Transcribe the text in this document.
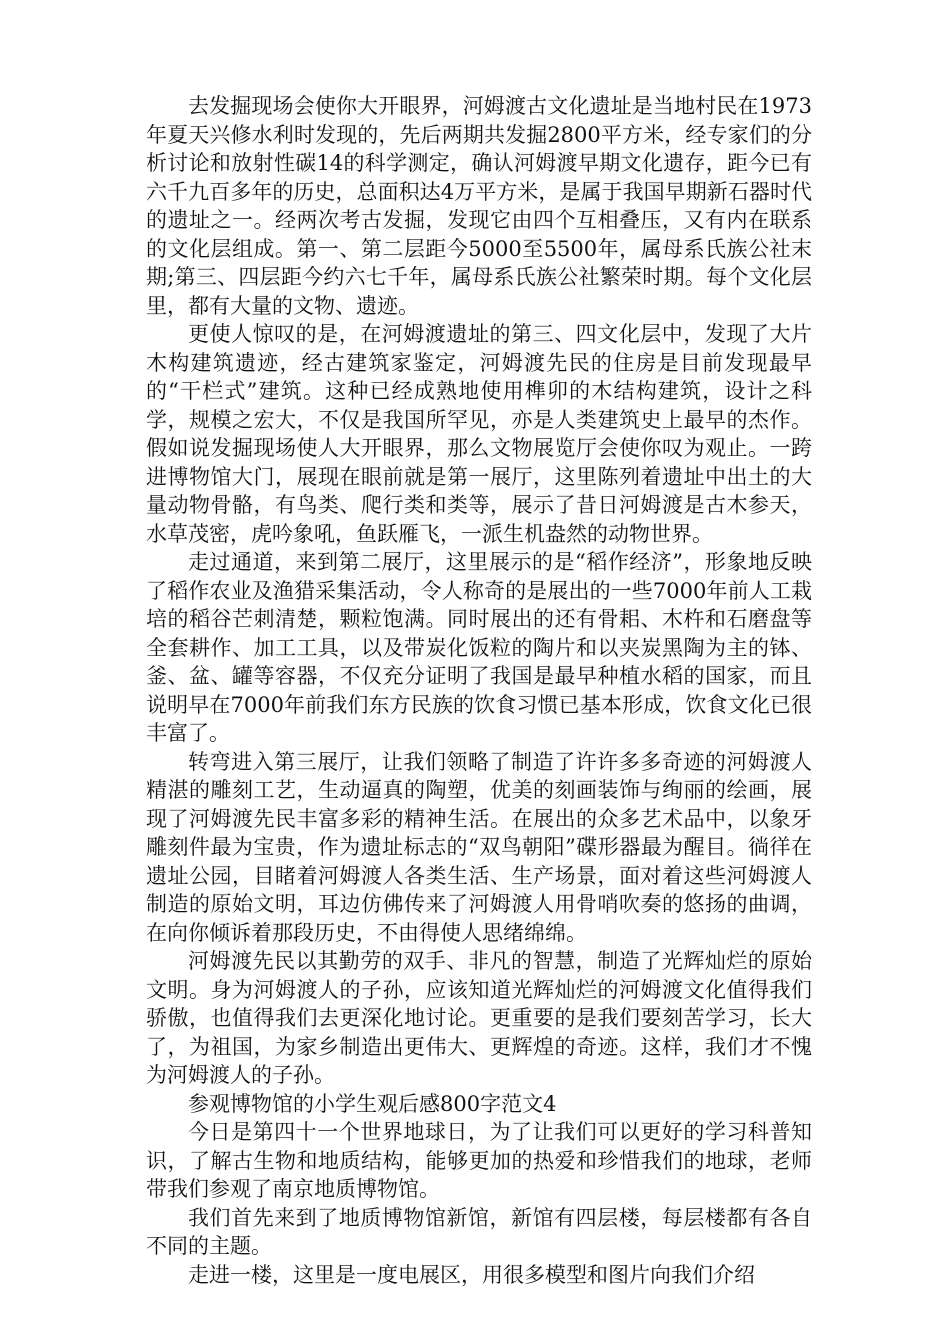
去发掘现场会使你大开眼界，河姆渡古文化遗址是当地村民在1973年夏天兴修水利时发现的，先后两期共发掘2800平方米，经专家们的分析讨论和放射性碳14的科学测定，确认河姆渡早期文化遗存，距今已有六千九百多年的历史，总面积达4万平方米，是属于我国早期新石器时代的遗址之一。经两次考古发掘，发现它由四个互相叠压，又有内在联系的文化层组成。第一、第二层距今5000至5500年，属母系氏族公社末期;第三、四层距今约六七千年，属母系氏族公社繁荣时期。每个文化层里，都有大量的文物、遗迹。

更使人惊叹的是，在河姆渡遗址的第三、四文化层中，发现了大片木构建筑遗迹，经古建筑家鉴定，河姆渡先民的住房是目前发现最早的“干栏式”建筑。这种已经成熟地使用榫卯的木结构建筑，设计之科学，规模之宏大，不仅是我国所罕见，亦是人类建筑史上最早的杰作。假如说发掘现场使人大开眼界，那么文物展览厅会使你叹为观止。一跨进博物馆大门，展现在眼前就是第一展厅，这里陈列着遗址中出土的大量动物骨骼，有鸟类、爬行类和类等，展示了昔日河姆渡是古木参天，水草茂密，虎吟象吼，鱼跃雁飞，一派生机盎然的动物世界。

走过通道，来到第二展厅，这里展示的是“稻作经济”，形象地反映了稻作农业及渔猎采集活动，令人称奇的是展出的一些7000年前人工栽培的稻谷芒刺清楚，颗粒饱满。同时展出的还有骨耜、木杵和石磨盘等全套耕作、加工工具，以及带炭化饭粒的陶片和以夹炭黑陶为主的钵、釜、盆、罐等容器，不仅充分证明了我国是最早种植水稻的国家，而且说明早在7000年前我们东方民族的饮食习惯已基本形成，饮食文化已很丰富了。

转弯进入第三展厅，让我们领略了制造了许许多多奇迹的河姆渡人精湛的雕刻工艺，生动逼真的陶塑，优美的刻画装饰与绚丽的绘画，展现了河姆渡先民丰富多彩的精神生活。在展出的众多艺术品中，以象牙雕刻件最为宝贵，作为遗址标志的“双鸟朝阳”碟形器最为醒目。徜徉在遗址公园，目睹着河姆渡人各类生活、生产场景，面对着这些河姆渡人制造的原始文明，耳边仿佛传来了河姆渡人用骨哨吹奏的悠扬的曲调，在向你倾诉着那段历史，不由得使人思绪绵绵。

河姆渡先民以其勤劳的双手、非凡的智慧，制造了光辉灿烂的原始文明。身为河姆渡人的子孙，应该知道光辉灿烂的河姆渡文化值得我们骄傲，也值得我们去更深化地讨论。更重要的是我们要刻苦学习，长大了，为祖国，为家乡制造出更伟大、更辉煌的奇迹。这样，我们才不愧为河姆渡人的子孙。

参观博物馆的小学生观后感800字范文4

今日是第四十一个世界地球日，为了让我们可以更好的学习科普知识，了解古生物和地质结构，能够更加的热爱和珍惜我们的地球，老师带我们参观了南京地质博物馆。

我们首先来到了地质博物馆新馆，新馆有四层楼，每层楼都有各自不同的主题。

走进一楼，这里是一度电展区，用很多模型和图片向我们介绍
